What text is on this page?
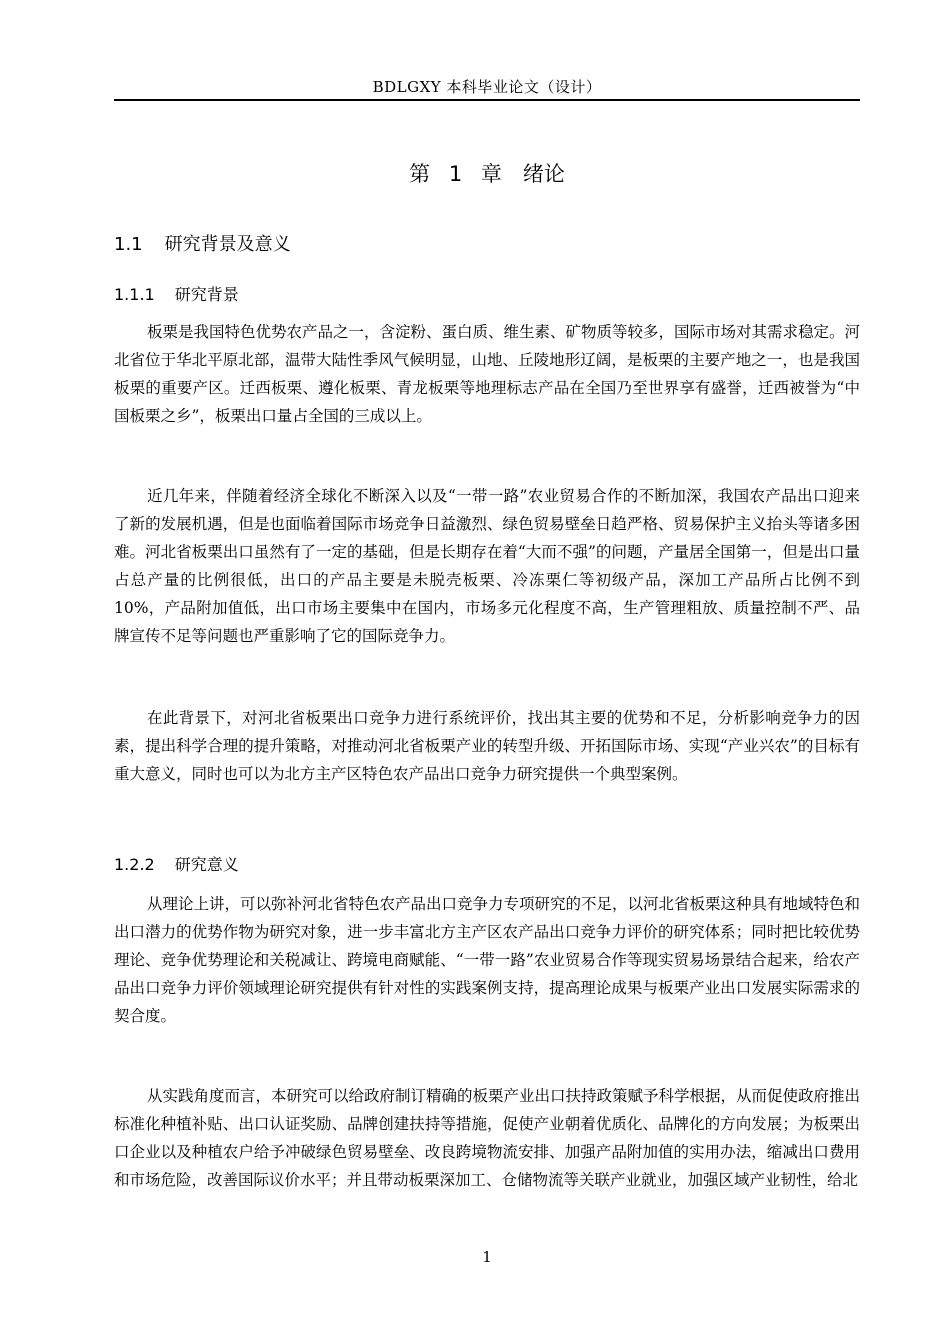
BDLGXY 本科毕业论文（设计）
第 1 章　绪论
1.1 研究背景及意义
1.1.1 研究背景

板栗是我国特色优势农产品之一，含淀粉、蛋白质、维生素、矿物质等较多，国际市场对其需求稳定。河北省位于华北平原北部，温带大陆性季风气候明显，山地、丘陵地形辽阔，是板栗的主要产地之一，也是我国板栗的重要产区。迁西板栗、遵化板栗、青龙板栗等地理标志产品在全国乃至世界享有盛誉，迁西被誉为“中国板栗之乡”，板栗出口量占全国的三成以上。

近几年来，伴随着经济全球化不断深入以及“一带一路”农业贸易合作的不断加深，我国农产品出口迎来了新的发展机遇，但是也面临着国际市场竞争日益激烈、绿色贸易壁垒日趋严格、贸易保护主义抬头等诸多困难。河北省板栗出口虽然有了一定的基础，但是长期存在着“大而不强”的问题，产量居全国第一，但是出口量占总产量的比例很低，出口的产品主要是未脱壳板栗、冷冻栗仁等初级产品，深加工产品所占比例不到10%，产品附加值低，出口市场主要集中在国内，市场多元化程度不高，生产管理粗放、质量控制不严、品牌宣传不足等问题也严重影响了它的国际竞争力。

在此背景下，对河北省板栗出口竞争力进行系统评价，找出其主要的优势和不足，分析影响竞争力的因素，提出科学合理的提升策略，对推动河北省板栗产业的转型升级、开拓国际市场、实现“产业兴农”的目标有重大意义，同时也可以为北方主产区特色农产品出口竞争力研究提供一个典型案例。

1.2.2 研究意义

从理论上讲，可以弥补河北省特色农产品出口竞争力专项研究的不足，以河北省板栗这种具有地域特色和出口潜力的优势作物为研究对象，进一步丰富北方主产区农产品出口竞争力评价的研究体系；同时把比较优势理论、竞争优势理论和关税减让、跨境电商赋能、“一带一路”农业贸易合作等现实贸易场景结合起来，给农产品出口竞争力评价领域理论研究提供有针对性的实践案例支持，提高理论成果与板栗产业出口发展实际需求的契合度。

从实践角度而言，本研究可以给政府制订精确的板栗产业出口扶持政策赋予科学根据，从而促使政府推出标准化种植补贴、出口认证奖励、品牌创建扶持等措施，促使产业朝着优质化、品牌化的方向发展；为板栗出口企业以及种植农户给予冲破绿色贸易壁垒、改良跨境物流安排、加强产品附加值的实用办法，缩减出口费用和市场危险，改善国际议价水平；并且带动板栗深加工、仓储物流等关联产业就业，加强区域产业韧性，给北

1
